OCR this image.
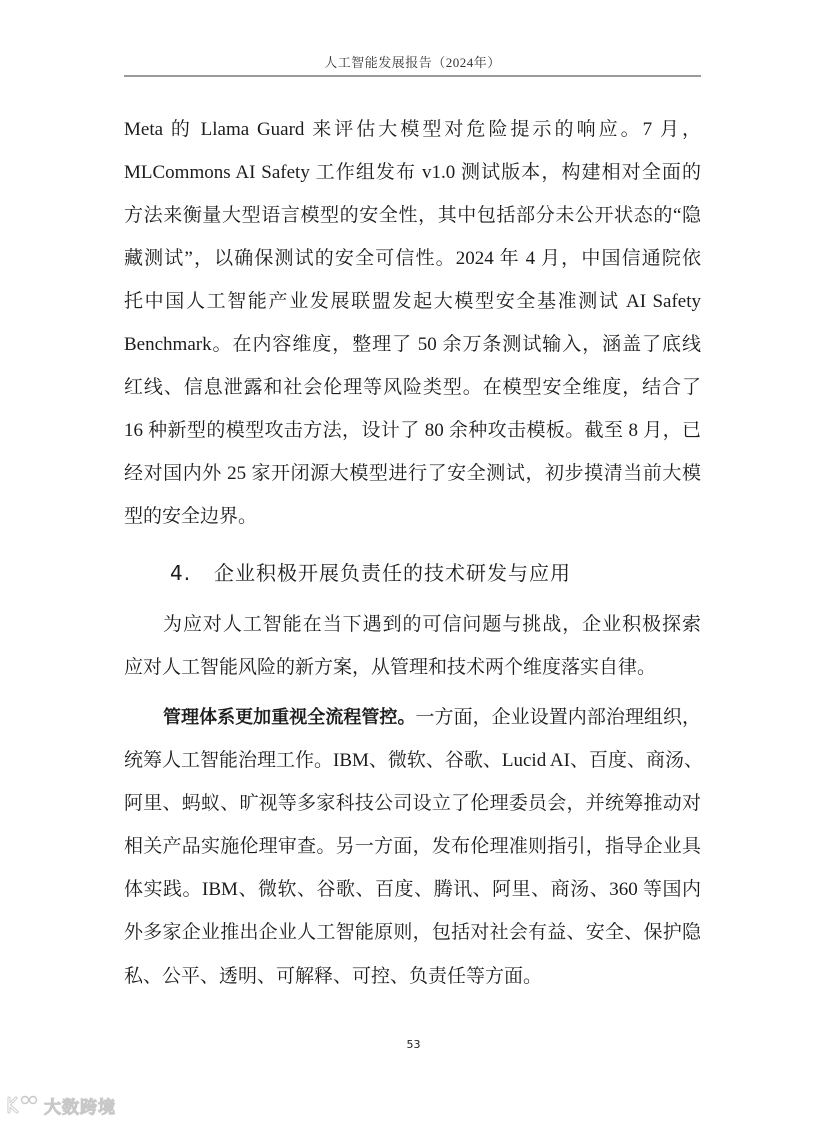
人工智能发展报告（2024年）
Meta 的 Llama Guard 来评估大模型对危险提示的响应。7 月，
MLCommons AI Safety 工作组发布 v1.0 测试版本，构建相对全面的
方法来衡量大型语言模型的安全性，其中包括部分未公开状态的“隐
藏测试”，以确保测试的安全可信性。2024 年 4 月，中国信通院依
托中国人工智能产业发展联盟发起大模型安全基准测试 AI Safety
Benchmark。在内容维度，整理了 50 余万条测试输入，涵盖了底线
红线、信息泄露和社会伦理等风险类型。在模型安全维度，结合了
16 种新型的模型攻击方法，设计了 80 余种攻击模板。截至 8 月，已
经对国内外 25 家开闭源大模型进行了安全测试，初步摸清当前大模
型的安全边界。
4. 企业积极开展负责任的技术研发与应用
为应对人工智能在当下遇到的可信问题与挑战，企业积极探索
应对人工智能风险的新方案，从管理和技术两个维度落实自律。
管理体系更加重视全流程管控。一方面，企业设置内部治理组织，
统筹人工智能治理工作。IBM、微软、谷歌、Lucid AI、百度、商汤、
阿里、蚂蚁、旷视等多家科技公司设立了伦理委员会，并统筹推动对
相关产品实施伦理审查。另一方面，发布伦理准则指引，指导企业具
体实践。IBM、微软、谷歌、百度、腾讯、阿里、商汤、360 等国内
外多家企业推出企业人工智能原则，包括对社会有益、安全、保护隐
私、公平、透明、可解释、可控、负责任等方面。
53
大数跨境
